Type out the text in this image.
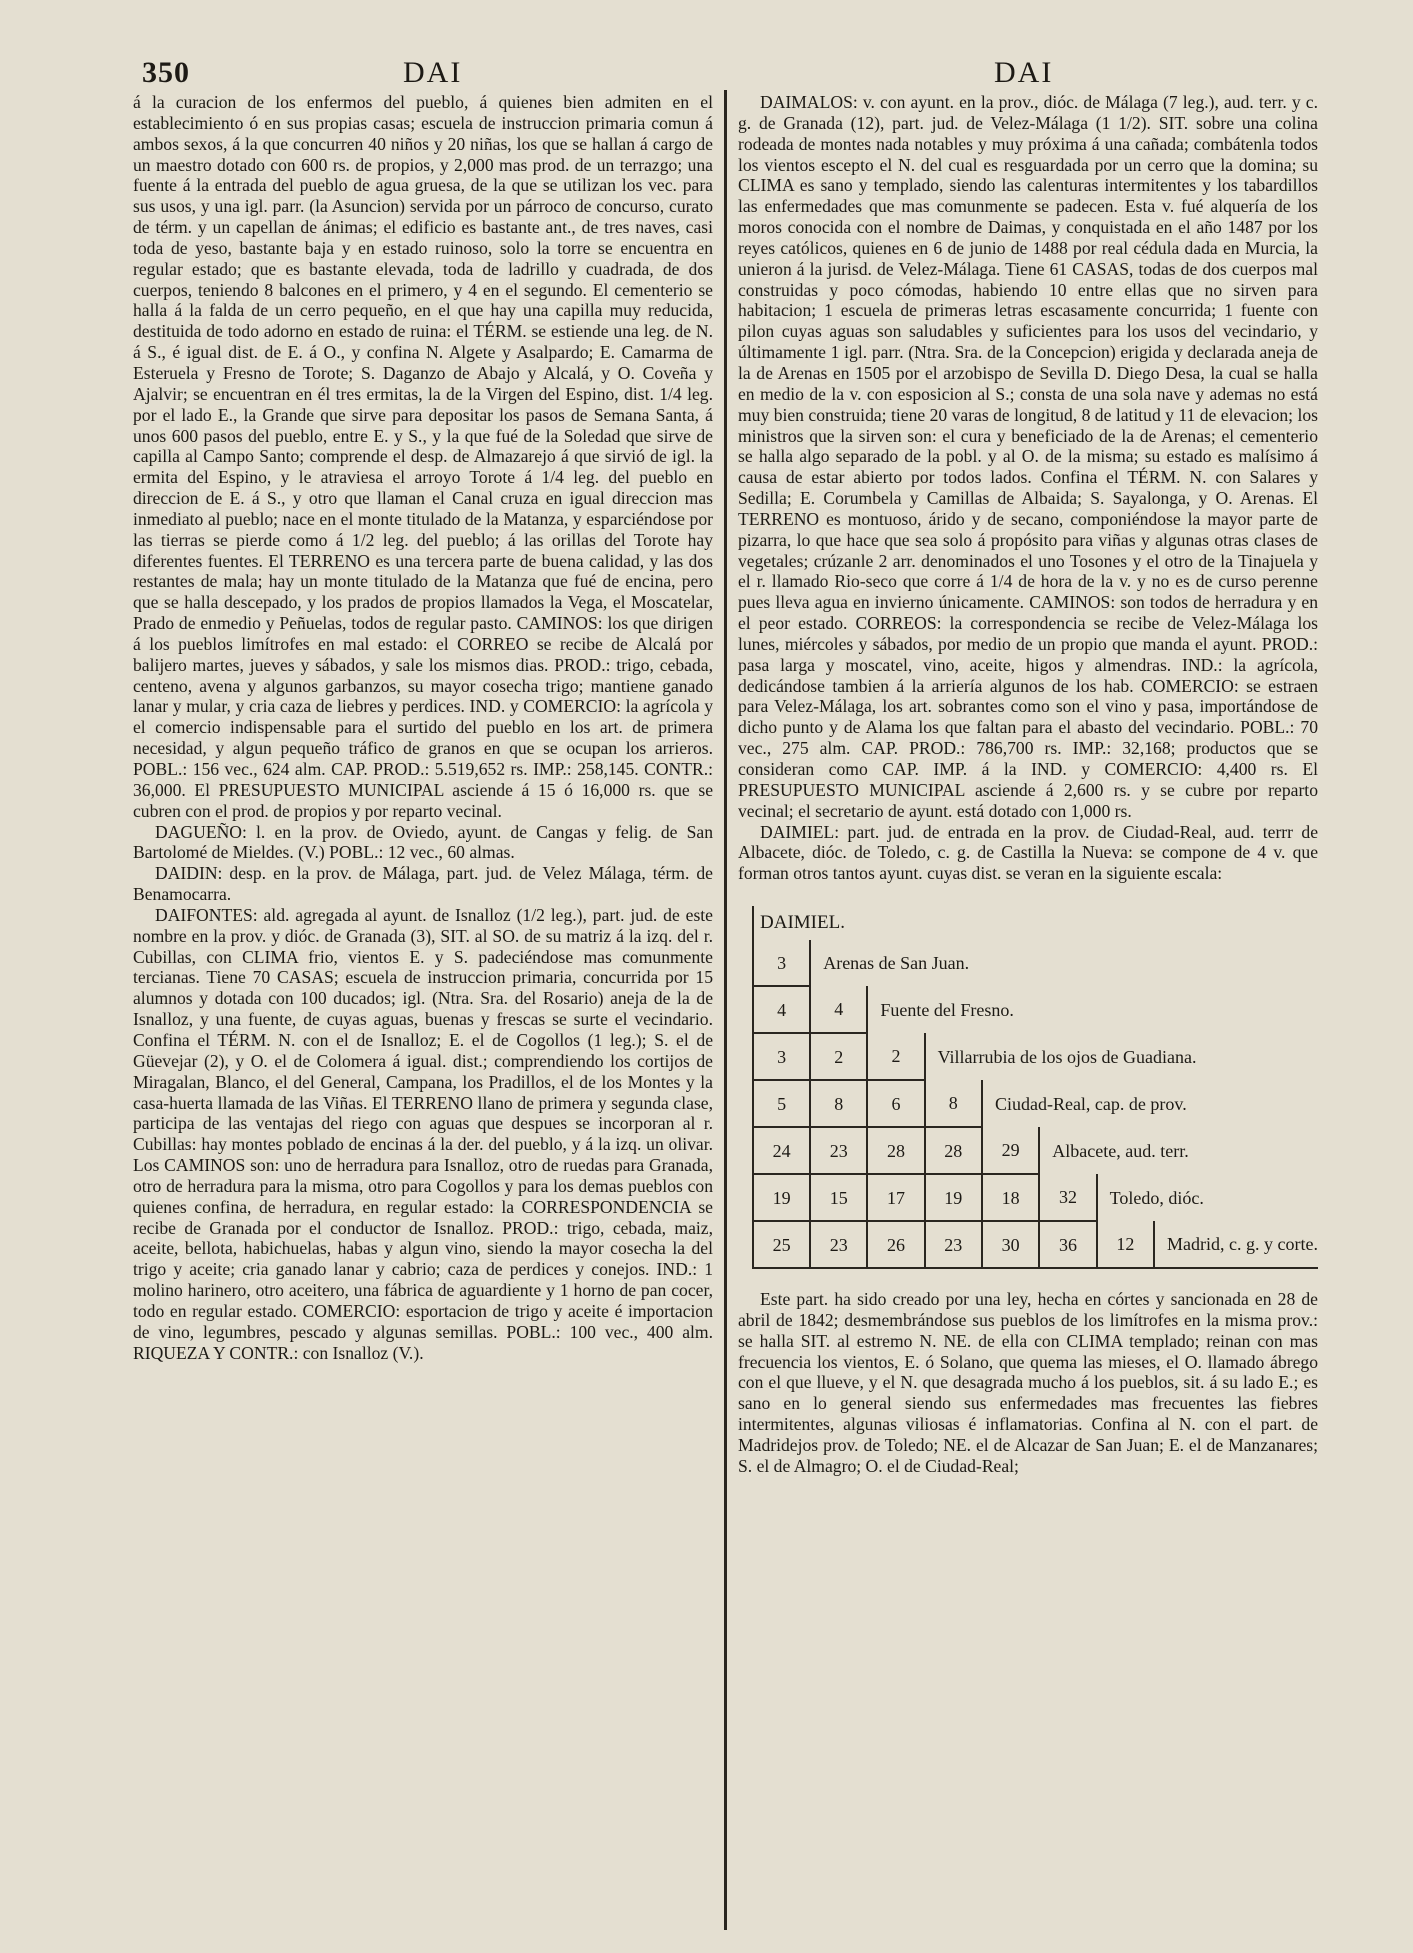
350	DAI	DAI

á la curacion de los enfermos del pueblo, á quienes bien admiten en el establecimiento ó en sus propias casas; escuela de instruccion primaria comun á ambos sexos, á la que concurren 40 niños y 20 niñas, los que se hallan á cargo de un maestro dotado con 600 rs. de propios, y 2,000 mas prod. de un terrazgo; una fuente á la entrada del pueblo de agua gruesa, de la que se utilizan los vec. para sus usos, y una igl. parr. (la Asuncion) servida por un párroco de concurso, curato de térm. y un capellan de ánimas; el edificio es bastante ant., de tres naves, casi toda de yeso, bastante baja y en estado ruinoso, solo la torre se encuentra en regular estado; que es bastante elevada, toda de ladrillo y cuadrada, de dos cuerpos, teniendo 8 balcones en el primero, y 4 en el segundo. El cementerio se halla á la falda de un cerro pequeño, en el que hay una capilla muy reducida, destituida de todo adorno en estado de ruina: el TÉRM. se estiende una leg. de N. á S., é igual dist. de E. á O., y confina N. Algete y Asalpardo; E. Camarma de Esteruela y Fresno de Torote; S. Daganzo de Abajo y Alcalá, y O. Coveña y Ajalvir; se encuentran en él tres ermitas, la de la Virgen del Espino, dist. 1/4 leg. por el lado E., la Grande que sirve para depositar los pasos de Semana Santa, á unos 600 pasos del pueblo, entre E. y S., y la que fué de la Soledad que sirve de capilla al Campo Santo; comprende el desp. de Almazarejo á que sirvió de igl. la ermita del Espino, y le atraviesa el arroyo Torote á 1/4 leg. del pueblo en direccion de E. á S., y otro que llaman el Canal cruza en igual direccion mas inmediato al pueblo; nace en el monte titulado de la Matanza, y esparciéndose por las tierras se pierde como á 1/2 leg. del pueblo; á las orillas del Torote hay diferentes fuentes. El TERRENO es una tercera parte de buena calidad, y las dos restantes de mala; hay un monte titulado de la Matanza que fué de encina, pero que se halla descepado, y los prados de propios llamados la Vega, el Moscatelar, Prado de enmedio y Peñuelas, todos de regular pasto. CAMINOS: los que dirigen á los pueblos limítrofes en mal estado: el CORREO se recibe de Alcalá por balijero martes, jueves y sábados, y sale los mismos dias. PROD.: trigo, cebada, centeno, avena y algunos garbanzos, su mayor cosecha trigo; mantiene ganado lanar y mular, y cria caza de liebres y perdices. IND. y COMERCIO: la agrícola y el comercio indispensable para el surtido del pueblo en los art. de primera necesidad, y algun pequeño tráfico de granos en que se ocupan los arrieros. POBL.: 156 vec., 624 alm. CAP. PROD.: 5.519,652 rs. IMP.: 258,145. CONTR.: 36,000. El PRESUPUESTO MUNICIPAL asciende á 15 ó 16,000 rs. que se cubren con el prod. de propios y por reparto vecinal.

DAGUEÑO: l. en la prov. de Oviedo, ayunt. de Cangas y felig. de San Bartolomé de Mieldes. (V.) POBL.: 12 vec., 60 almas.

DAIDIN: desp. en la prov. de Málaga, part. jud. de Velez Málaga, térm. de Benamocarra.

DAIFONTES: ald. agregada al ayunt. de Isnalloz (1/2 leg.), part. jud. de este nombre en la prov. y dióc. de Granada (3), SIT. al SO. de su matriz á la izq. del r. Cubillas, con CLIMA frio, vientos E. y S. padeciéndose mas comunmente tercianas. Tiene 70 CASAS; escuela de instruccion primaria, concurrida por 15 alumnos y dotada con 100 ducados; igl. (Ntra. Sra. del Rosario) aneja de la de Isnalloz, y una fuente, de cuyas aguas, buenas y frescas se surte el vecindario. Confina el TÉRM. N. con el de Isnalloz; E. el de Cogollos (1 leg.); S. el de Güevejar (2), y O. el de Colomera á igual. dist.; comprendiendo los cortijos de Miragalan, Blanco, el del General, Campana, los Pradillos, el de los Montes y la casa-huerta llamada de las Viñas. El TERRENO llano de primera y segunda clase, participa de las ventajas del riego con aguas que despues se incorporan al r. Cubillas: hay montes poblado de encinas á la der. del pueblo, y á la izq. un olivar. Los CAMINOS son: uno de herradura para Isnalloz, otro de ruedas para Granada, otro de herradura para la misma, otro para Cogollos y para los demas pueblos con quienes confina, de herradura, en regular estado: la CORRESPONDENCIA se recibe de Granada por el conductor de Isnalloz. PROD.: trigo, cebada, maiz, aceite, bellota, habichuelas, habas y algun vino, siendo la mayor cosecha la del trigo y aceite; cria ganado lanar y cabrio; caza de perdices y conejos. IND.: 1 molino harinero, otro aceitero, una fábrica de aguardiente y 1 horno de pan cocer, todo en regular estado. COMERCIO: esportacion de trigo y aceite é importacion de vino, legumbres, pescado y algunas semillas. POBL.: 100 vec., 400 alm. RIQUEZA Y CONTR.: con Isnalloz (V.).

DAIMALOS: v. con ayunt. en la prov., dióc. de Málaga (7 leg.), aud. terr. y c. g. de Granada (12), part. jud. de Velez-Málaga (1 1/2). SIT. sobre una colina rodeada de montes nada notables y muy próxima á una cañada; combátenla todos los vientos escepto el N. del cual es resguardada por un cerro que la domina; su CLIMA es sano y templado, siendo las calenturas intermitentes y los tabardillos las enfermedades que mas comunmente se padecen. Esta v. fué alquería de los moros conocida con el nombre de Daimas, y conquistada en el año 1487 por los reyes católicos, quienes en 6 de junio de 1488 por real cédula dada en Murcia, la unieron á la jurisd. de Velez-Málaga. Tiene 61 CASAS, todas de dos cuerpos mal construidas y poco cómodas, habiendo 10 entre ellas que no sirven para habitacion; 1 escuela de primeras letras escasamente concurrida; 1 fuente con pilon cuyas aguas son saludables y suficientes para los usos del vecindario, y últimamente 1 igl. parr. (Ntra. Sra. de la Concepcion) erigida y declarada aneja de la de Arenas en 1505 por el arzobispo de Sevilla D. Diego Desa, la cual se halla en medio de la v. con esposicion al S.; consta de una sola nave y ademas no está muy bien construida; tiene 20 varas de longitud, 8 de latitud y 11 de elevacion; los ministros que la sirven son: el cura y beneficiado de la de Arenas; el cementerio se halla algo separado de la pobl. y al O. de la misma; su estado es malísimo á causa de estar abierto por todos lados. Confina el TÉRM. N. con Salares y Sedilla; E. Corumbela y Camillas de Albaida; S. Sayalonga, y O. Arenas. El TERRENO es montuoso, árido y de secano, componiéndose la mayor parte de pizarra, lo que hace que sea solo á propósito para viñas y algunas otras clases de vegetales; crúzanle 2 arr. denominados el uno Tosones y el otro de la Tinajuela y el r. llamado Rio-seco que corre á 1/4 de hora de la v. y no es de curso perenne pues lleva agua en invierno únicamente. CAMINOS: son todos de herradura y en el peor estado. CORREOS: la correspondencia se recibe de Velez-Málaga los lunes, miércoles y sábados, por medio de un propio que manda el ayunt. PROD.: pasa larga y moscatel, vino, aceite, higos y almendras. IND.: la agrícola, dedicándose tambien á la arriería algunos de los hab. COMERCIO: se estraen para Velez-Málaga, los art. sobrantes como son el vino y pasa, importándose de dicho punto y de Alama los que faltan para el abasto del vecindario. POBL.: 70 vec., 275 alm. CAP. PROD.: 786,700 rs. IMP.: 32,168; productos que se consideran como CAP. IMP. á la IND. y COMERCIO: 4,400 rs. El PRESUPUESTO MUNICIPAL asciende á 2,600 rs. y se cubre por reparto vecinal; el secretario de ayunt. está dotado con 1,000 rs.

DAIMIEL: part. jud. de entrada en la prov. de Ciudad-Real, aud. terrr de Albacete, dióc. de Toledo, c. g. de Castilla la Nueva: se compone de 4 v. que forman otros tantos ayunt. cuyas dist. se veran en la siguiente escala:

DAIMIEL.							
3	Arenas de San Juan.						
4	4	Fuente del Fresno.					
3	2	2	Villarrubia de los ojos de Guadiana.				
5	8	6	8	Ciudad-Real, cap. de prov.			
24	23	28	28	29	Albacete, aud. terr.		
19	15	17	19	18	32	Toledo, dióc.	
25	23	26	23	30	36	12	Madrid, c. g. y corte.

Este part. ha sido creado por una ley, hecha en córtes y sancionada en 28 de abril de 1842; desmembrándose sus pueblos de los limítrofes en la misma prov.: se halla SIT. al estremo N. NE. de ella con CLIMA templado; reinan con mas frecuencia los vientos, E. ó Solano, que quema las mieses, el O. llamado ábrego con el que llueve, y el N. que desagrada mucho á los pueblos, sit. á su lado E.; es sano en lo general siendo sus enfermedades mas frecuentes las fiebres intermitentes, algunas viliosas é inflamatorias. Confina al N. con el part. de Madridejos prov. de Toledo; NE. el de Alcazar de San Juan; E. el de Manzanares; S. el de Almagro; O. el de Ciudad-Real;
